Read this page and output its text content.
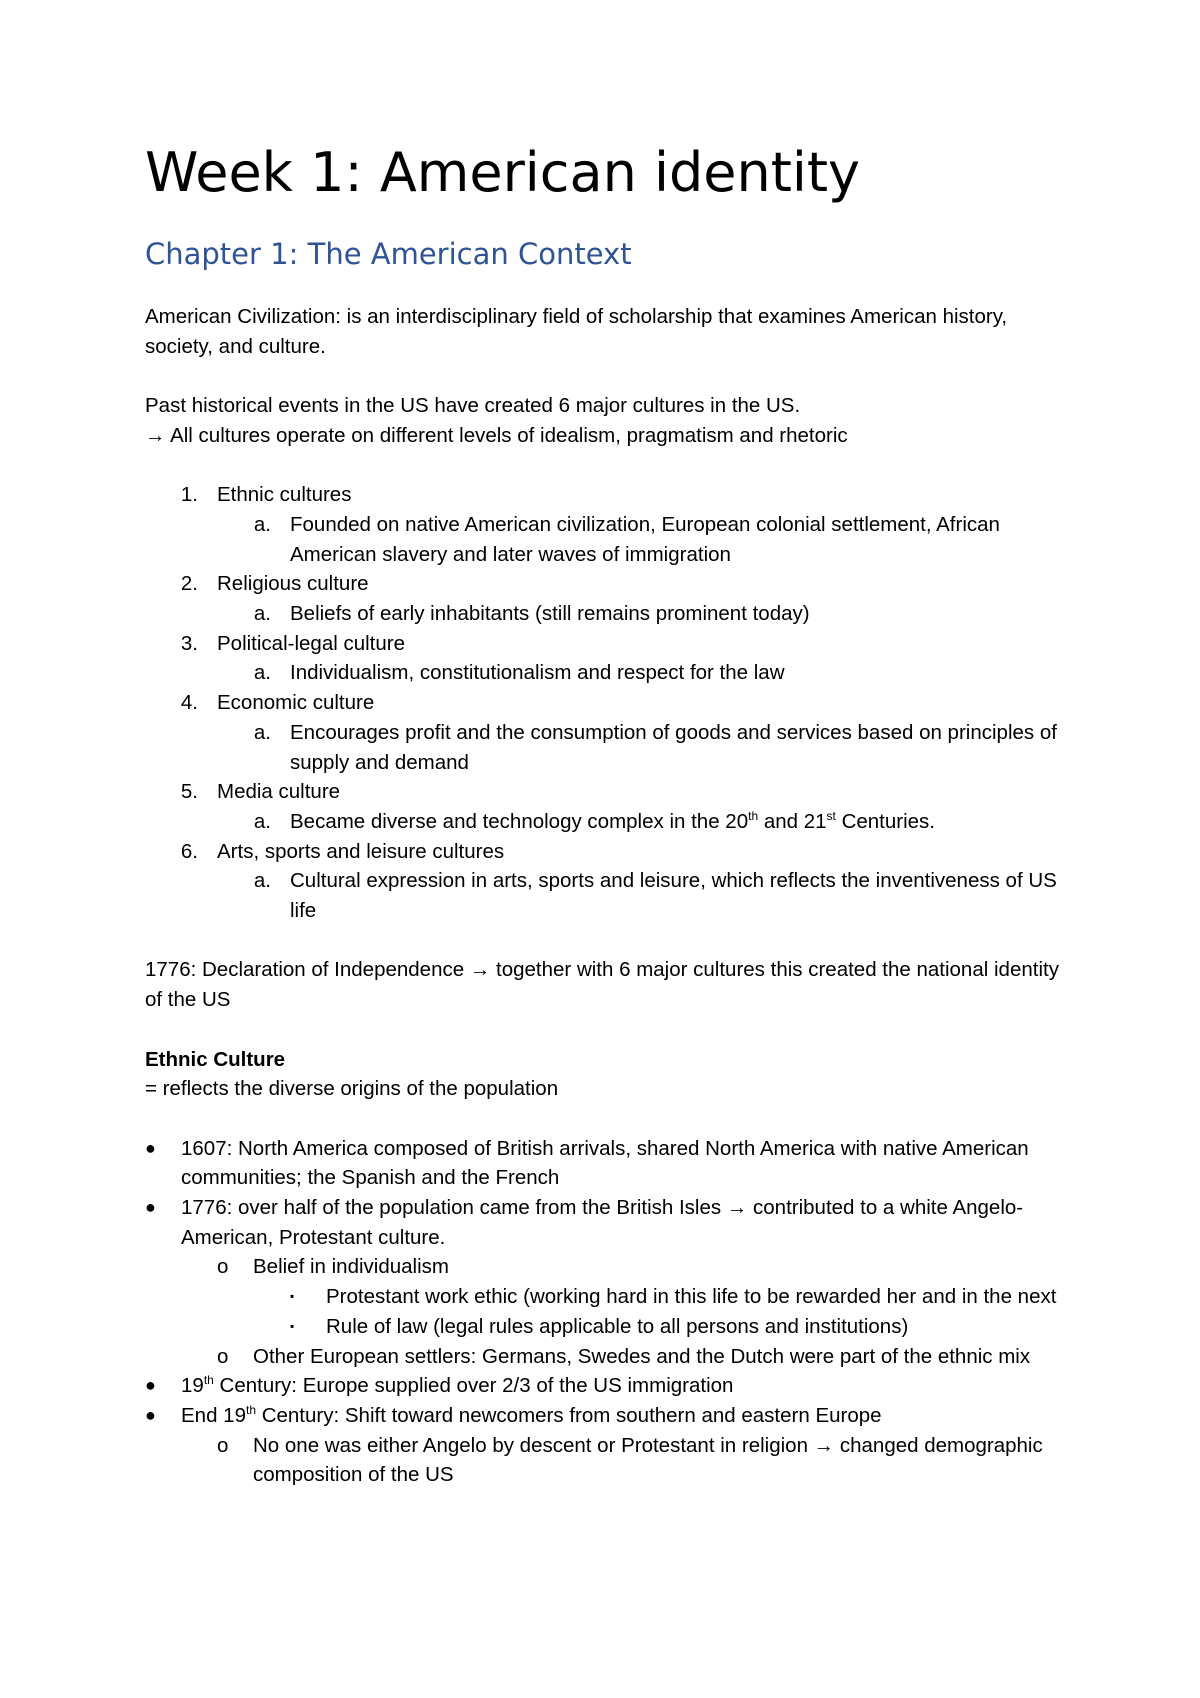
Week 1: American identity
Chapter 1: The American Context

American Civilization: is an interdisciplinary field of scholarship that examines American history, society, and culture.

Past historical events in the US have created 6 major cultures in the US.

→ All cultures operate on different levels of idealism, pragmatism and rhetoric

1. Ethnic cultures
a. Founded on native American civilization, European colonial settlement, African American slavery and later waves of immigration
2. Religious culture
a. Beliefs of early inhabitants (still remains prominent today)
3. Political-legal culture
a. Individualism, constitutionalism and respect for the law
4. Economic culture
a. Encourages profit and the consumption of goods and services based on principles of supply and demand
5. Media culture
a. Became diverse and technology complex in the 20th and 21st Centuries.
6. Arts, sports and leisure cultures
a. Cultural expression in arts, sports and leisure, which reflects the inventiveness of US life

1776: Declaration of Independence → together with 6 major cultures this created the national identity of the US

Ethnic Culture

= reflects the diverse origins of the population

●	1607: North America composed of British arrivals, shared North America with native American communities; the Spanish and the French
●	1776: over half of the population came from the British Isles → contributed to a white Angelo-American, Protestant culture.
o	Belief in individualism
▪	Protestant work ethic (working hard in this life to be rewarded her and in the next
▪	Rule of law (legal rules applicable to all persons and institutions)
o	Other European settlers: Germans, Swedes and the Dutch were part of the ethnic mix
●	19th Century: Europe supplied over 2/3 of the US immigration
●	End 19th Century: Shift toward newcomers from southern and eastern Europe
o	No one was either Angelo by descent or Protestant in religion → changed demographic composition of the US
